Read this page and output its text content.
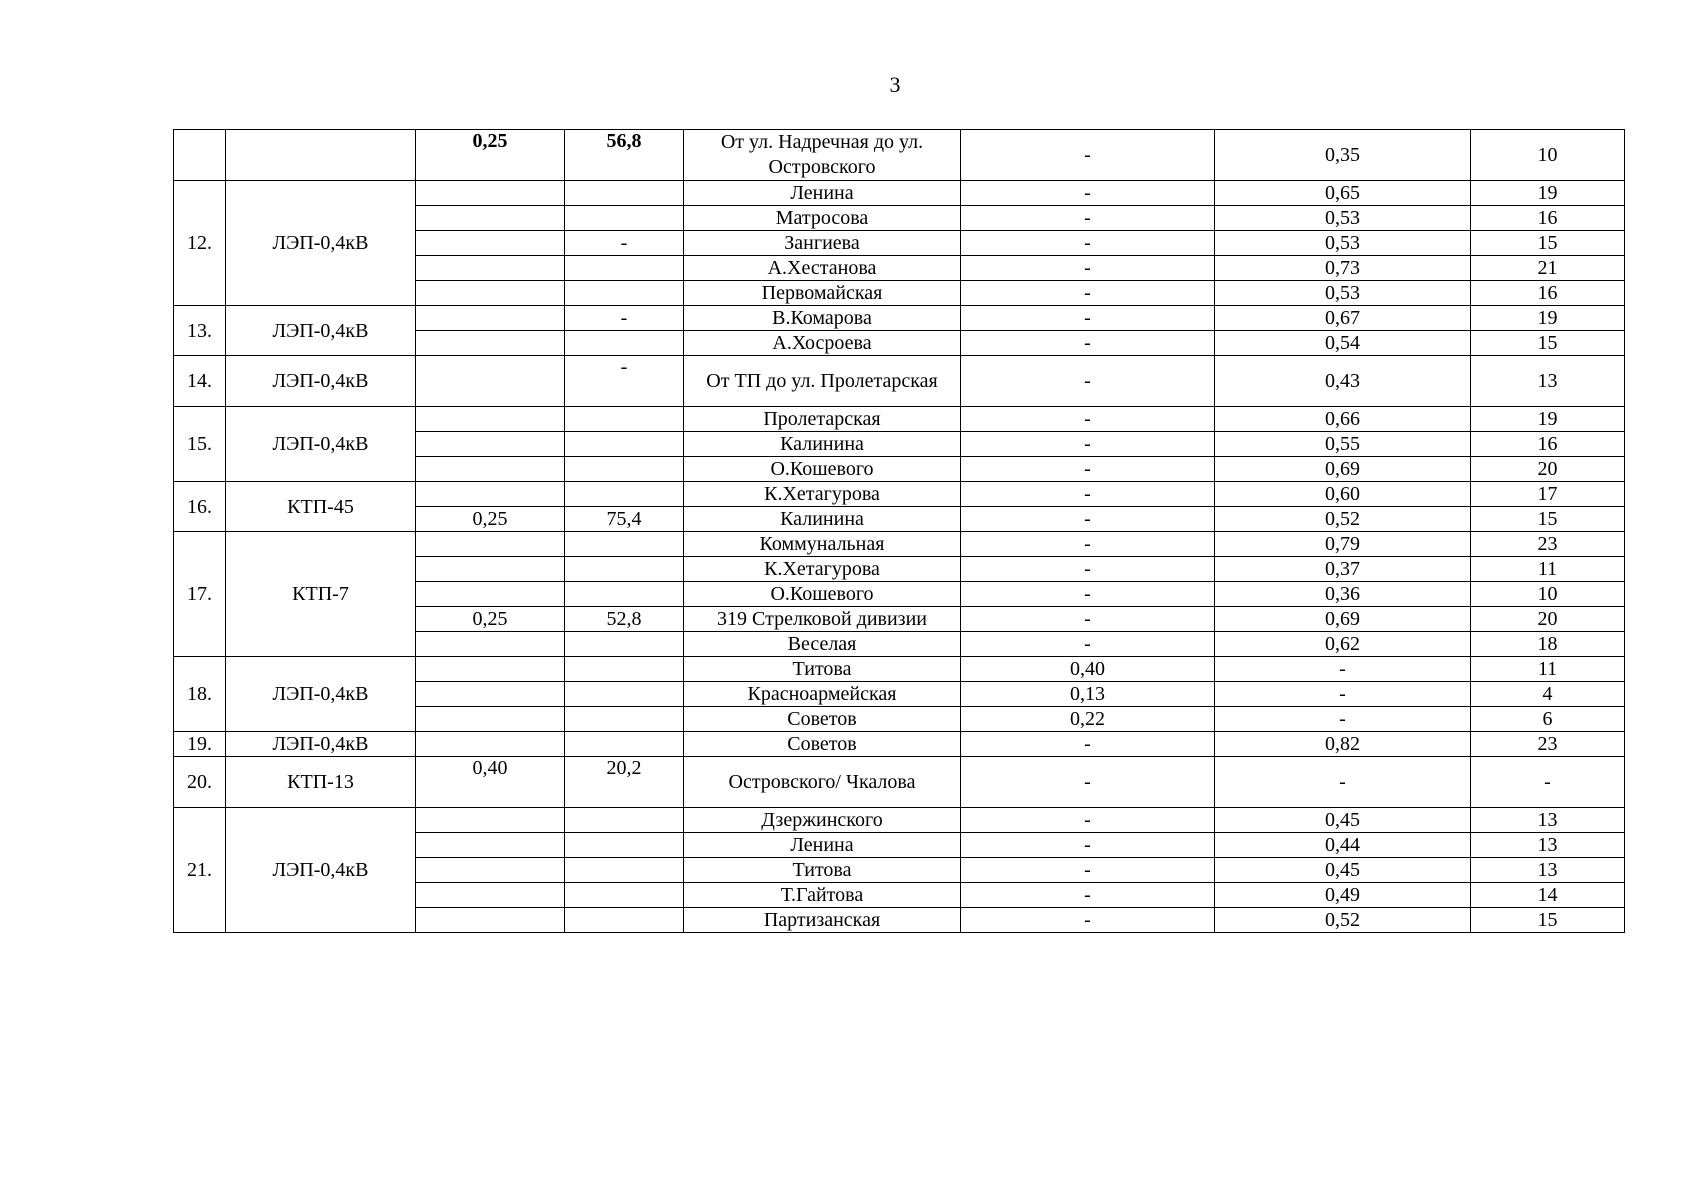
3
		0,25	56,8	От ул. Надречная до ул. Островского	-	0,35	10
12.	ЛЭП-0,4кВ			Ленина	-	0,65	19
				Матросова	-	0,53	16
			-	Зангиева	-	0,53	15
				А.Хестанова	-	0,73	21
				Первомайская	-	0,53	16
13.	ЛЭП-0,4кВ		-	В.Комарова	-	0,67	19
				А.Хосроева	-	0,54	15
14.	ЛЭП-0,4кВ		-	От ТП до ул. Пролетарская	-	0,43	13
15.	ЛЭП-0,4кВ			Пролетарская	-	0,66	19
				Калинина	-	0,55	16
				О.Кошевого	-	0,69	20
16.	КТП-45			К.Хетагурова	-	0,60	17
		0,25	75,4	Калинина	-	0,52	15
17.	КТП-7			Коммунальная	-	0,79	23
				К.Хетагурова	-	0,37	11
				О.Кошевого	-	0,36	10
		0,25	52,8	319 Стрелковой дивизии	-	0,69	20
				Веселая	-	0,62	18
18.	ЛЭП-0,4кВ			Титова	0,40	-	11
				Красноармейская	0,13	-	4
				Советов	0,22	-	6
19.	ЛЭП-0,4кВ			Советов	-	0,82	23
20.	КТП-13	0,40	20,2	Островского/ Чкалова	-	-	-
21.	ЛЭП-0,4кВ			Дзержинского	-	0,45	13
				Ленина	-	0,44	13
				Титова	-	0,45	13
				Т.Гайтова	-	0,49	14
				Партизанская	-	0,52	15
